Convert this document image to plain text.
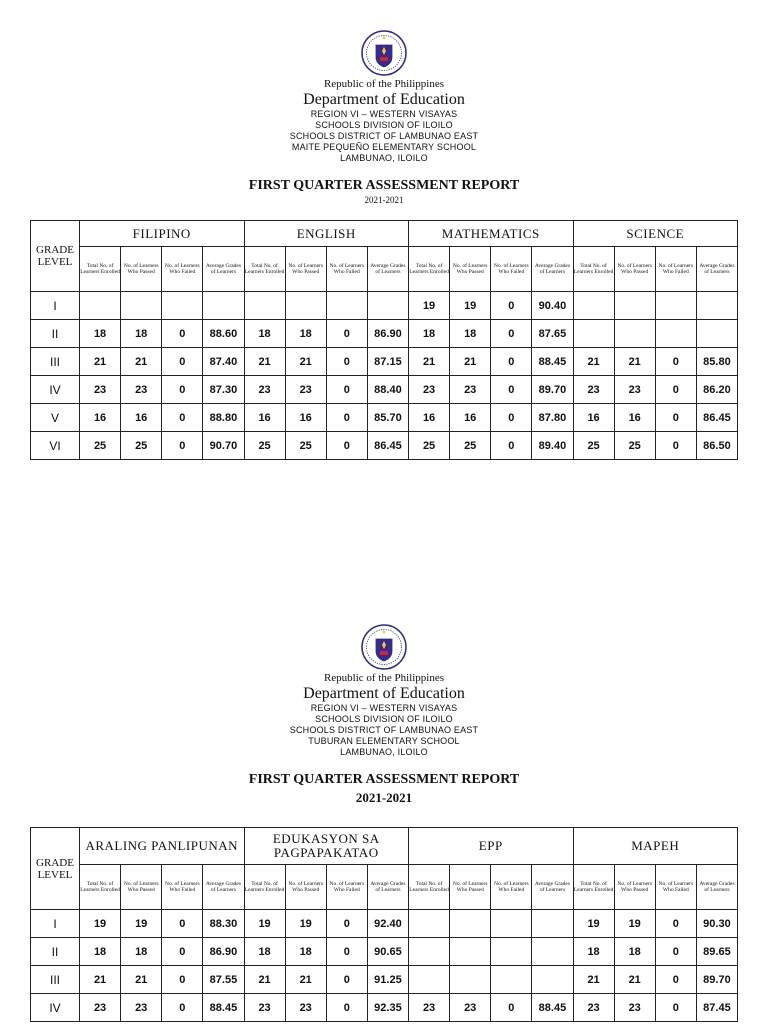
Republic of the Philippines
Department of Education
REGION VI – WESTERN VISAYAS
SCHOOLS DIVISION OF ILOILO
SCHOOLS DISTRICT OF LAMBUNAO EAST
MAITE PEQUEÑO ELEMENTARY SCHOOL
LAMBUNAO, ILOILO
FIRST QUARTER ASSESSMENT REPORT
2021-2021
GRADE LEVEL	FILIPINO				ENGLISH				MATHEMATICS				SCIENCE			
	Total No. of Learners Enrolled	No. of Learners Who Passed	No. of Learners Who Failed	Average Grades of Learners	Total No. of Learners Enrolled	No. of Learners Who Passed	No. of Learners Who Failed	Average Grades of Learners	Total No. of Learners Enrolled	No. of Learners Who Passed	No. of Learners Who Failed	Average Grades of Learners	Total No. of Learners Enrolled	No. of Learners Who Passed	No. of Learners Who Failed	Average Grades of Learners
I									19	19	0	90.40				
II	18	18	0	88.60	18	18	0	86.90	18	18	0	87.65				
III	21	21	0	87.40	21	21	0	87.15	21	21	0	88.45	21	21	0	85.80
IV	23	23	0	87.30	23	23	0	88.40	23	23	0	89.70	23	23	0	86.20
V	16	16	0	88.80	16	16	0	85.70	16	16	0	87.80	16	16	0	86.45
VI	25	25	0	90.70	25	25	0	86.45	25	25	0	89.40	25	25	0	86.50
Republic of the Philippines
Department of Education
REGION VI – WESTERN VISAYAS
SCHOOLS DIVISION OF ILOILO
SCHOOLS DISTRICT OF LAMBUNAO EAST
TUBURAN ELEMENTARY SCHOOL
LAMBUNAO, ILOILO
FIRST QUARTER ASSESSMENT REPORT
2021-2021
GRADE LEVEL	ARALING PANLIPUNAN				EDUKASYON SA PAGPAPAKATAO				EPP				MAPEH			
	Total No. of Learners Enrolled	No. of Learners Who Passed	No. of Learners Who Failed	Average Grades of Learners	Total No. of Learners Enrolled	No. of Learners Who Passed	No. of Learners Who Failed	Average Grades of Learners	Total No. of Learners Enrolled	No. of Learners Who Passed	No. of Learners Who Failed	Average Grades of Learners	Total No. of Learners Enrolled	No. of Learners Who Passed	No. of Learners Who Failed	Average Grades of Learners
I	19	19	0	88.30	19	19	0	92.40					19	19	0	90.30
II	18	18	0	86.90	18	18	0	90.65					18	18	0	89.65
III	21	21	0	87.55	21	21	0	91.25					21	21	0	89.70
IV	23	23	0	88.45	23	23	0	92.35	23	23	0	88.45	23	23	0	87.45
